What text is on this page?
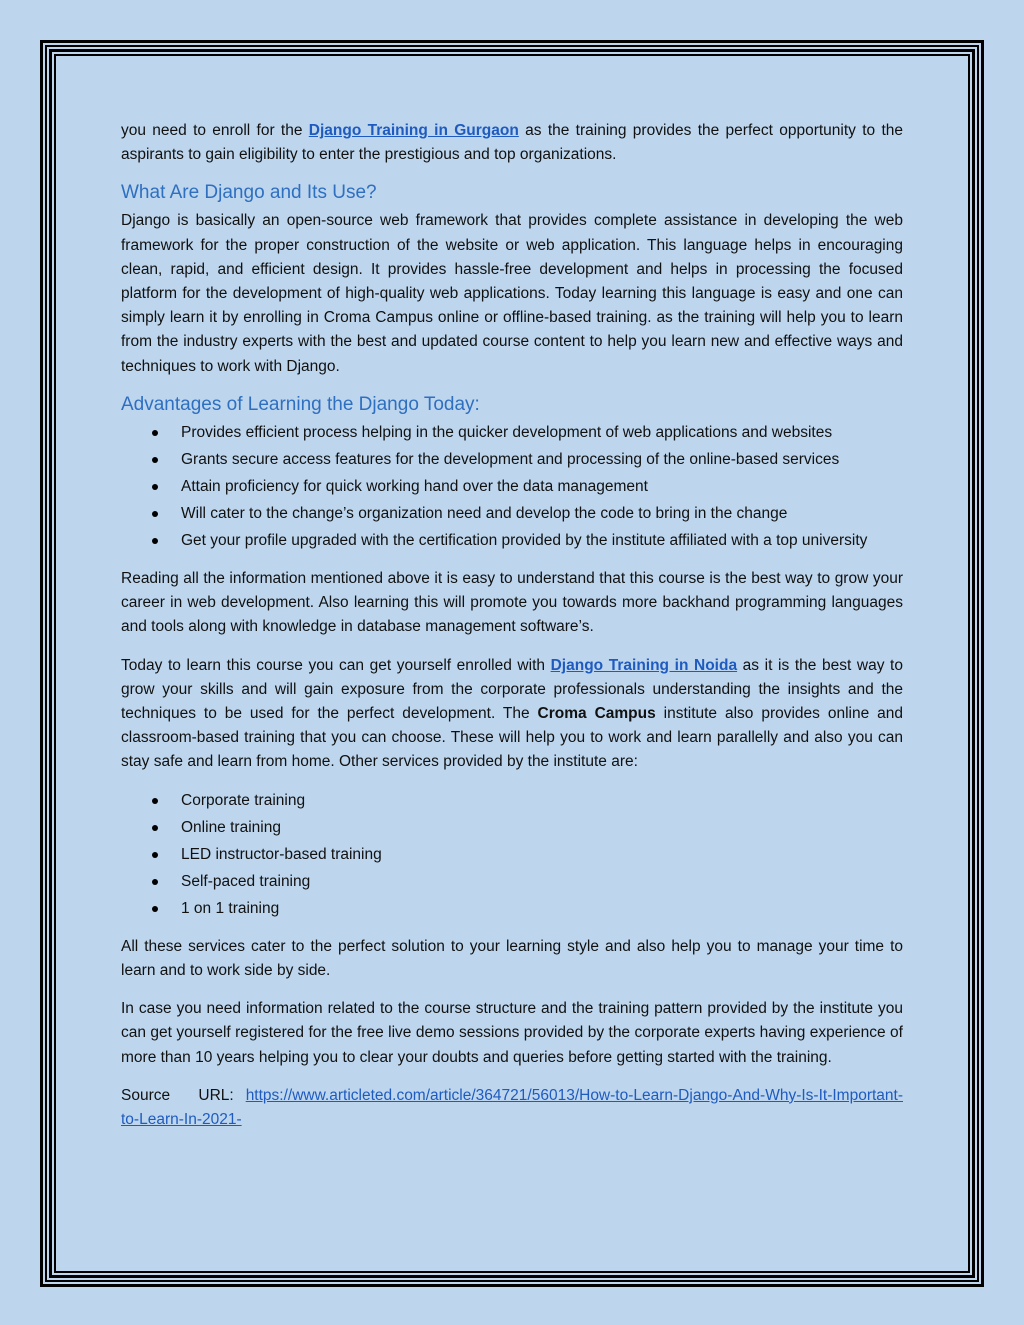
you need to enroll for the Django Training in Gurgaon as the training provides the perfect opportunity to the aspirants to gain eligibility to enter the prestigious and top organizations.

What Are Django and Its Use?

Django is basically an open-source web framework that provides complete assistance in developing the web framework for the proper construction of the website or web application. This language helps in encouraging clean, rapid, and efficient design. It provides hassle-free development and helps in processing the focused platform for the development of high-quality web applications. Today learning this language is easy and one can simply learn it by enrolling in Croma Campus online or offline-based training. as the training will help you to learn from the industry experts with the best and updated course content to help you learn new and effective ways and techniques to work with Django.

Advantages of Learning the Django Today:
Provides efficient process helping in the quicker development of web applications and websites
Grants secure access features for the development and processing of the online-based services
Attain proficiency for quick working hand over the data management
Will cater to the change’s organization need and develop the code to bring in the change
Get your profile upgraded with the certification provided by the institute affiliated with a top university

Reading all the information mentioned above it is easy to understand that this course is the best way to grow your career in web development. Also learning this will promote you towards more backhand programming languages and tools along with knowledge in database management software’s.

Today to learn this course you can get yourself enrolled with Django Training in Noida as it is the best way to grow your skills and will gain exposure from the corporate professionals understanding the insights and the techniques to be used for the perfect development. The Croma Campus institute also provides online and classroom-based training that you can choose. These will help you to work and learn parallelly and also you can stay safe and learn from home. Other services provided by the institute are:

Corporate training
Online training
LED instructor-based training
Self-paced training
1 on 1 training

All these services cater to the perfect solution to your learning style and also help you to manage your time to learn and to work side by side.

In case you need information related to the course structure and the training pattern provided by the institute you can get yourself registered for the free live demo sessions provided by the corporate experts having experience of more than 10 years helping you to clear your doubts and queries before getting started with the training.

Source URL: https://www.articleted.com/article/364721/56013/How-to-Learn-Django-And-Why-Is-It-Important-to-Learn-In-2021-
